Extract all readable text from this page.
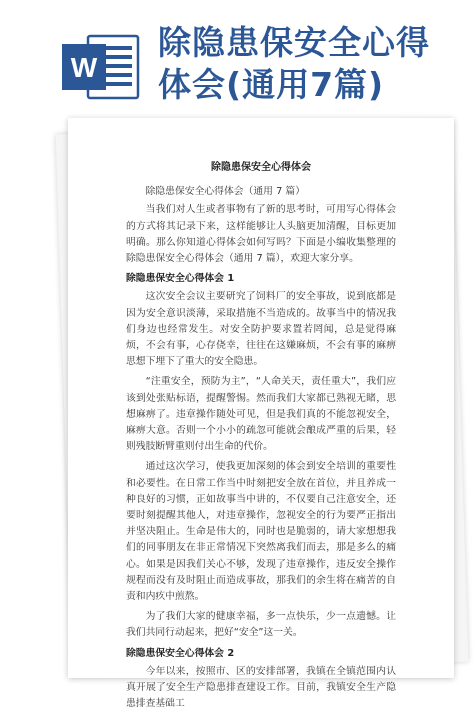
W
除隐患保安全心得
体会(通用7篇)

除隐患保安全心得体会

除隐患保安全心得体会（通用 7 篇）

当我们对人生或者事物有了新的思考时，可用写心得体会的方式将其记录下来，这样能够让人头脑更加清醒，目标更加明确。那么你知道心得体会如何写吗？下面是小编收集整理的除隐患保安全心得体会（通用 7 篇），欢迎大家分享。

除隐患保安全心得体会 1

这次安全会议主要研究了饲料厂的安全事故，说到底都是因为安全意识淡薄，采取措施不当造成的。故事当中的情况我们身边也经常发生。对安全防护要求置若罔闻，总是觉得麻烦，不会有事，心存侥幸，往往在这嫌麻烦，不会有事的麻痹思想下埋下了重大的安全隐患。

“注重安全，预防为主”，“人命关天，责任重大”，我们应该到处张贴标语，提醒警惕。然而我们大家都已熟视无睹，思想麻痹了。违章操作随处可见，但是我们真的不能忽视安全，麻痹大意。否则一个小小的疏忽可能就会酿成严重的后果，轻则残肢断臂重则付出生命的代价。

通过这次学习，使我更加深刻的体会到安全培训的重要性和必要性。在日常工作当中时刻把安全放在首位，并且养成一种良好的习惯，正如故事当中讲的，不仅要自己注意安全，还要时刻提醒其他人，对违章操作，忽视安全的行为要严正指出并坚决阻止。生命是伟大的，同时也是脆弱的，请大家想想我们的同事朋友在非正常情况下突然离我们而去，那是多么的痛心。如果是因我们关心不够，发现了违章操作，违反安全操作规程而没有及时阻止而造成事故，那我们的余生将在痛苦的自责和内疚中煎熬。

为了我们大家的健康幸福，多一点快乐，少一点遗憾。让我们共同行动起来，把好“安全”这一关。

除隐患保安全心得体会 2

今年以来，按照市、区的安排部署，我镇在全镇范围内认真开展了安全生产隐患排查建设工作。目前，我镇安全生产隐患排查基础工
